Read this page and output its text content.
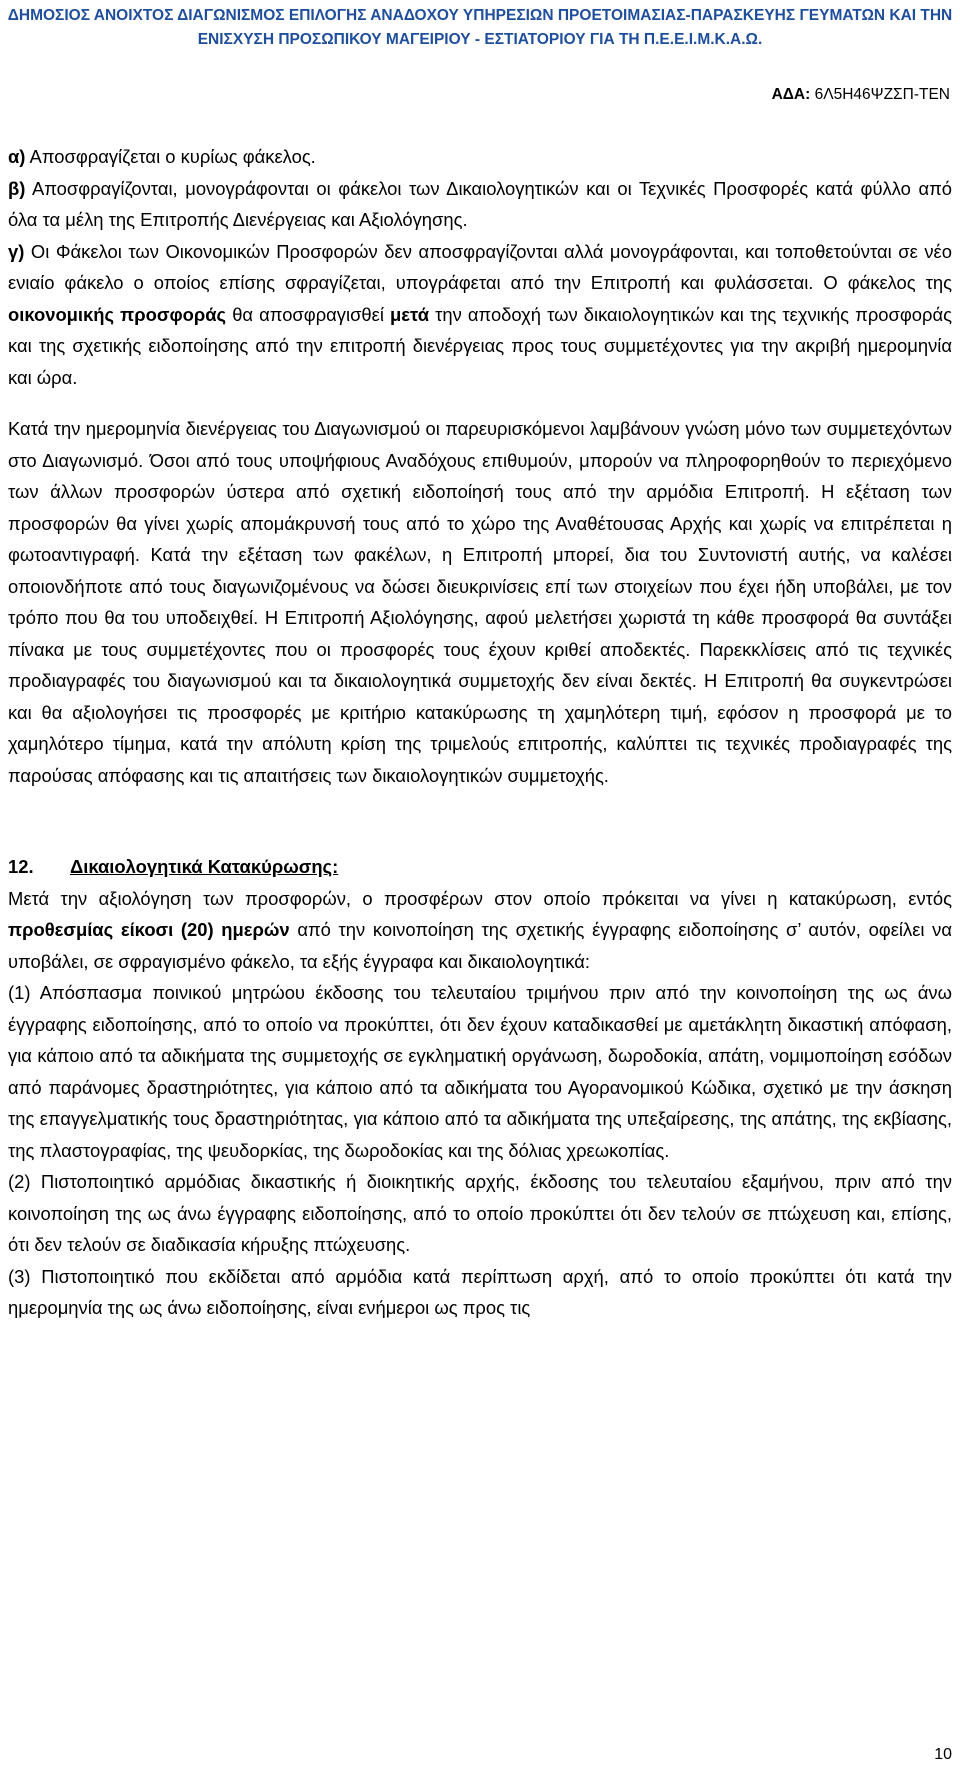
ΔΗΜΟΣΙΟΣ ΑΝΟΙΧΤΟΣ ΔΙΑΓΩΝΙΣΜΟΣ ΕΠΙΛΟΓΗΣ ΑΝΑΔΟΧΟΥ ΥΠΗΡΕΣΙΩΝ ΠΡΟΕΤΟΙΜΑΣΙΑΣ-ΠΑΡΑΣΚΕΥΗΣ ΓΕΥΜΑΤΩΝ ΚΑΙ ΤΗΝ
ΕΝΙΣΧΥΣΗ ΠΡΟΣΩΠΙΚΟΥ ΜΑΓΕΙΡΙΟΥ - ΕΣΤΙΑΤΟΡΙΟΥ ΓΙΑ ΤΗ Π.Ε.Ε.Ι.Μ.Κ.Α.Ω.
ΑΔΑ: 6Λ5Η46ΨΖΣΠ-ΤΕΝ

α) Αποσφραγίζεται ο κυρίως φάκελος.

β) Αποσφραγίζονται, μονογράφονται οι φάκελοι των Δικαιολογητικών και οι Τεχνικές Προσφορές κατά φύλλο από όλα τα μέλη της Επιτροπής Διενέργειας και Αξιολόγησης.

γ) Οι Φάκελοι των Οικονομικών Προσφορών δεν αποσφραγίζονται αλλά μονογράφονται, και τοποθετούνται σε νέο ενιαίο φάκελο ο οποίος επίσης σφραγίζεται, υπογράφεται από την Επιτροπή και φυλάσσεται. Ο φάκελος της οικονομικής προσφοράς θα αποσφραγισθεί μετά την αποδοχή των δικαιολογητικών και της τεχνικής προσφοράς και της σχετικής ειδοποίησης από την επιτροπή διενέργειας προς τους συμμετέχοντες για την ακριβή ημερομηνία και ώρα.

Κατά την ημερομηνία διενέργειας του Διαγωνισμού οι παρευρισκόμενοι λαμβάνουν γνώση μόνο των συμμετεχόντων στο Διαγωνισμό. Όσοι από τους υποψήφιους Αναδόχους επιθυμούν, μπορούν να πληροφορηθούν το περιεχόμενο των άλλων προσφορών ύστερα από σχετική ειδοποίησή τους από την αρμόδια Επιτροπή. Η εξέταση των προσφορών θα γίνει χωρίς απομάκρυνσή τους από το χώρο της Αναθέτουσας Αρχής και χωρίς να επιτρέπεται η φωτοαντιγραφή. Κατά την εξέταση των φακέλων, η Επιτροπή μπορεί, δια του Συντονιστή αυτής, να καλέσει οποιονδήποτε από τους διαγωνιζομένους να δώσει διευκρινίσεις επί των στοιχείων που έχει ήδη υποβάλει, με τον τρόπο που θα του υποδειχθεί. Η Επιτροπή Αξιολόγησης, αφού μελετήσει χωριστά τη κάθε προσφορά θα συντάξει πίνακα με τους συμμετέχοντες που οι προσφορές τους έχουν κριθεί αποδεκτές. Παρεκκλίσεις από τις τεχνικές προδιαγραφές του διαγωνισμού και τα δικαιολογητικά συμμετοχής δεν είναι δεκτές. Η Επιτροπή θα συγκεντρώσει και θα αξιολογήσει τις προσφορές με κριτήριο κατακύρωσης τη χαμηλότερη τιμή, εφόσον η προσφορά με το χαμηλότερο τίμημα, κατά την απόλυτη κρίση της τριμελούς επιτροπής, καλύπτει τις τεχνικές προδιαγραφές της παρούσας απόφασης και τις απαιτήσεις των δικαιολογητικών συμμετοχής.

12. Δικαιολογητικά Κατακύρωσης:

Μετά την αξιολόγηση των προσφορών, ο προσφέρων στον οποίο πρόκειται να γίνει η κατακύρωση, εντός προθεσμίας είκοσι (20) ημερών από την κοινοποίηση της σχετικής έγγραφης ειδοποίησης σ’ αυτόν, οφείλει να υποβάλει, σε σφραγισμένο φάκελο, τα εξής έγγραφα και δικαιολογητικά:

(1) Απόσπασμα ποινικού μητρώου έκδοσης του τελευταίου τριμήνου πριν από την κοινοποίηση της ως άνω έγγραφης ειδοποίησης, από το οποίο να προκύπτει, ότι δεν έχουν καταδικασθεί με αμετάκλητη δικαστική απόφαση, για κάποιο από τα αδικήματα της συμμετοχής σε εγκληματική οργάνωση, δωροδοκία, απάτη, νομιμοποίηση εσόδων από παράνομες δραστηριότητες, για κάποιο από τα αδικήματα του Αγορανομικού Κώδικα, σχετικό με την άσκηση της επαγγελματικής τους δραστηριότητας, για κάποιο από τα αδικήματα της υπεξαίρεσης, της απάτης, της εκβίασης, της πλαστογραφίας, της ψευδορκίας, της δωροδοκίας και της δόλιας χρεωκοπίας.

(2) Πιστοποιητικό αρμόδιας δικαστικής ή διοικητικής αρχής, έκδοσης του τελευταίου εξαμήνου, πριν από την κοινοποίηση της ως άνω έγγραφης ειδοποίησης, από το οποίο προκύπτει ότι δεν τελούν σε πτώχευση και, επίσης, ότι δεν τελούν σε διαδικασία κήρυξης πτώχευσης.

(3) Πιστοποιητικό που εκδίδεται από αρμόδια κατά περίπτωση αρχή, από το οποίο προκύπτει ότι κατά την ημερομηνία της ως άνω ειδοποίησης, είναι ενήμεροι ως προς τις

10
